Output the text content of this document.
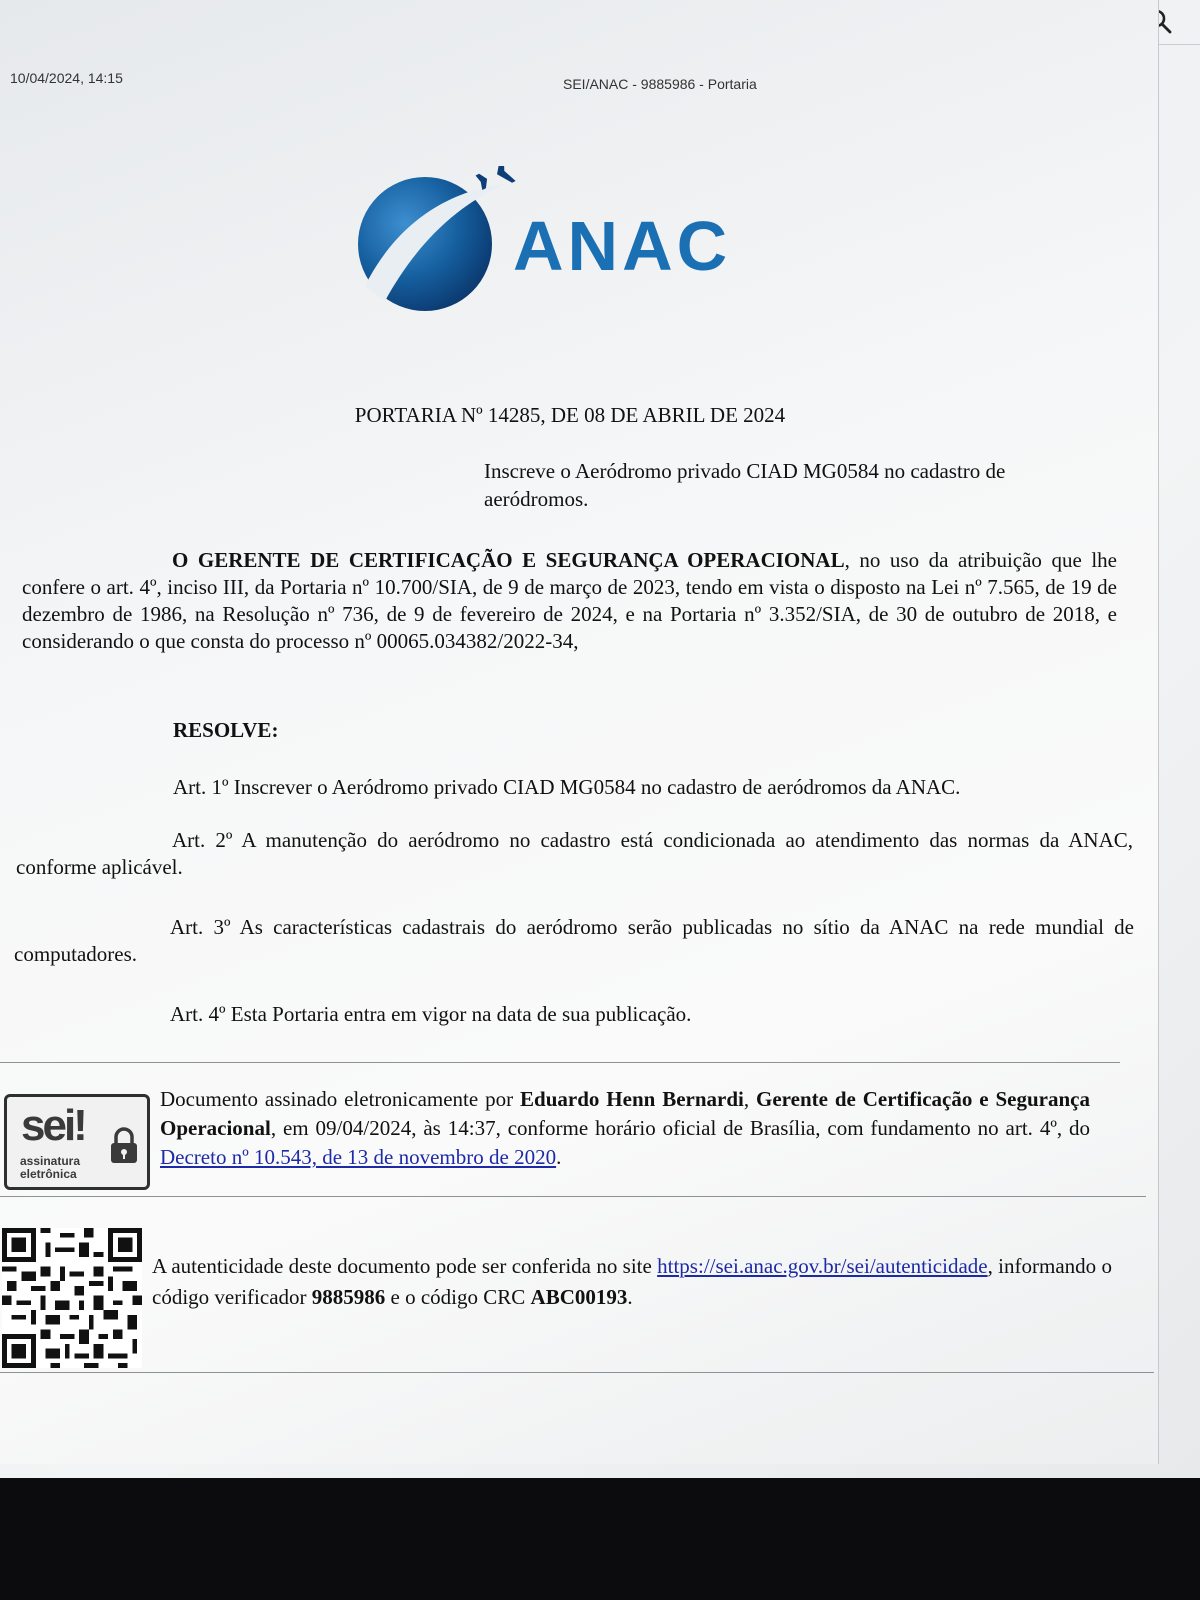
10/04/2024, 14:15	SEI/ANAC - 9885986 - Portaria
ANAC
PORTARIA Nº 14285, DE 08 DE ABRIL DE 2024
Inscreve o Aeródromo privado CIAD MG0584 no cadastro de aeródromos.
O GERENTE DE CERTIFICAÇÃO E SEGURANÇA OPERACIONAL, no uso da atribuição que lhe confere o art. 4º, inciso III, da Portaria nº 10.700/SIA, de 9 de março de 2023, tendo em vista o disposto na Lei nº 7.565, de 19 de dezembro de 1986, na Resolução nº 736, de 9 de fevereiro de 2024, e na Portaria nº 3.352/SIA, de 30 de outubro de 2018, e considerando o que consta do processo nº 00065.034382/2022-34,
RESOLVE:
Art. 1º Inscrever o Aeródromo privado CIAD MG0584 no cadastro de aeródromos da ANAC.
Art. 2º A manutenção do aeródromo no cadastro está condicionada ao atendimento das normas da ANAC, conforme aplicável.
Art. 3º As características cadastrais do aeródromo serão publicadas no sítio da ANAC na rede mundial de computadores.
Art. 4º Esta Portaria entra em vigor na data de sua publicação.
sei!
assinatura eletrônica
Documento assinado eletronicamente por Eduardo Henn Bernardi, Gerente de Certificação e Segurança Operacional, em 09/04/2024, às 14:37, conforme horário oficial de Brasília, com fundamento no art. 4º, do Decreto nº 10.543, de 13 de novembro de 2020.
A autenticidade deste documento pode ser conferida no site https://sei.anac.gov.br/sei/autenticidade, informando o código verificador 9885986 e o código CRC ABC00193.
